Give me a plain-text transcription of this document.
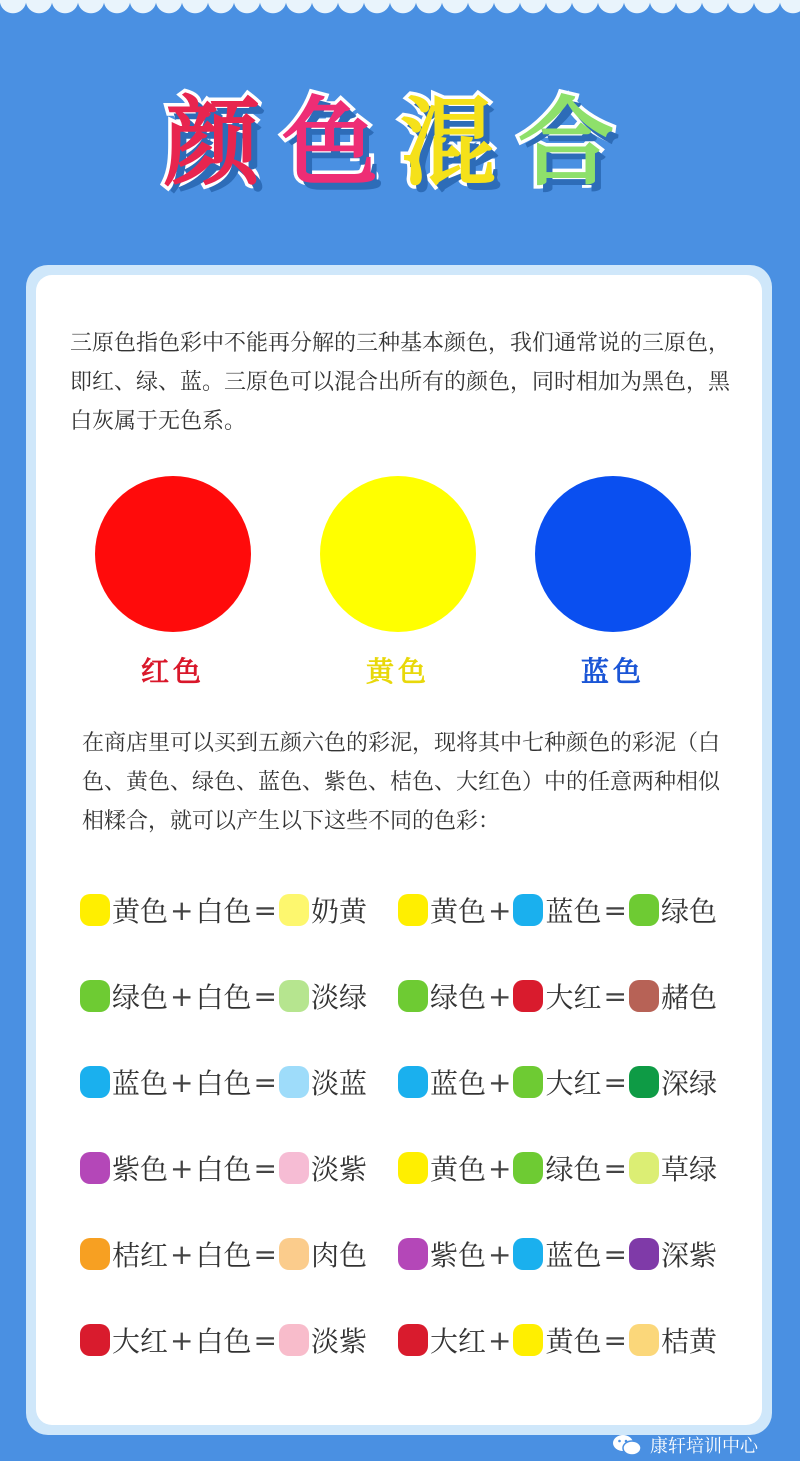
颜色混合

三原色指色彩中不能再分解的三种基本颜色，我们通常说的三原色，即红、绿、蓝。三原色可以混合出所有的颜色，同时相加为黑色，黑白灰属于无色系。

红色	黄色	蓝色

在商店里可以买到五颜六色的彩泥，现将其中七种颜色的彩泥（白色、黄色、绿色、蓝色、紫色、桔色、大红色）中的任意两种相似相糅合，就可以产生以下这些不同的色彩：

黄色 + 白色 = 奶黄 黄色 + 蓝色 = 绿色
绿色 + 白色 = 淡绿 绿色 + 大红 = 赭色
蓝色 + 白色 = 淡蓝 蓝色 + 大红 = 深绿
紫色 + 白色 = 淡紫 黄色 + 绿色 = 草绿
桔红 + 白色 = 肉色 紫色 + 蓝色 = 深紫
大红 + 白色 = 淡紫 大红 + 黄色 = 桔黄
康轩培训中心
